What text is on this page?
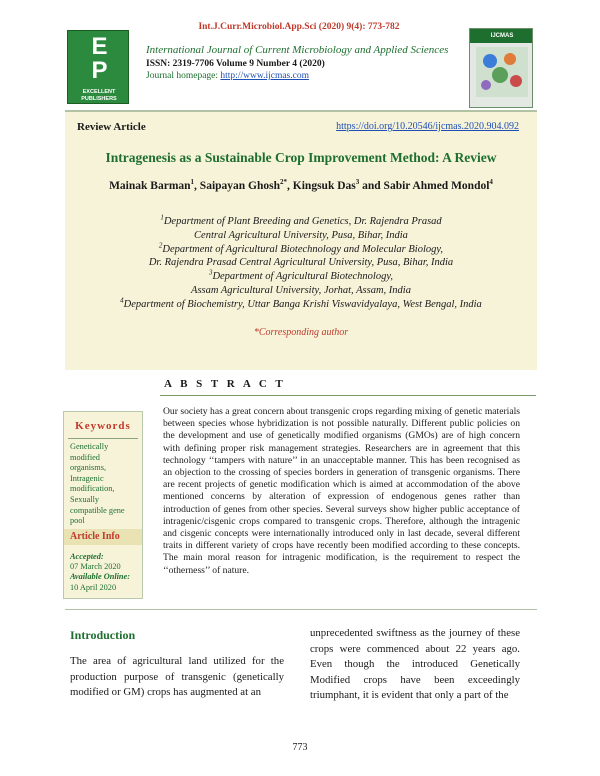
Int.J.Curr.Microbiol.App.Sci (2020) 9(4): 773-782
E
P
EXCELLENT
PUBLISHERS
International Journal of Current Microbiology and Applied Sciences
ISSN: 2319-7706 Volume 9 Number 4 (2020)
Journal homepage: http://www.ijcmas.com
IJCMAS
Review Article	https://doi.org/10.20546/ijcmas.2020.904.092
Intragenesis as a Sustainable Crop Improvement Method: A Review
Mainak Barman$^1$, Saipayan Ghosh$^{2*}$, Kingsuk Das$^3$ and Sabir Ahmed Mondol$^4$
$^1$Department of Plant Breeding and Genetics, Dr. Rajendra Prasad
Central Agricultural University, Pusa, Bihar, India
$^2$Department of Agricultural Biotechnology and Molecular Biology,
Dr. Rajendra Prasad Central Agricultural University, Pusa, Bihar, India
$^3$Department of Agricultural Biotechnology,
Assam Agricultural University, Jorhat, Assam, India
$^4$Department of Biochemistry, Uttar Banga Krishi Viswavidyalaya, West Bengal, India
*Corresponding author
A B S T R A C T
Our society has a great concern about transgenic crops regarding mixing of genetic materials between species whose hybridization is not possible naturally. Different public policies on the development and use of genetically modified organisms (GMOs) are of high concern with defining proper risk management strategies. Researchers are in agreement that this technology ‘‘tampers with nature’’ in an unacceptable manner. This has been recognised as an objection to the crossing of species borders in generation of transgenic organisms. There are recent projects of genetic modification which is aimed at accommodation of the above mentioned concerns by alteration of expression of endogenous genes rather than introduction of genes from other species. Several surveys show higher public acceptance of intragenic/cisgenic crops compared to transgenic crops. Therefore, although the intragenic and cisgenic concepts were internationally introduced only in last decade, several different traits in different variety of crops have recently been modified according to these concepts. The main moral reason for intragenic modification, is the requirement to respect the ‘‘otherness’’ of nature.
Keywords
Genetically
modified
organisms,
Intragenic
modification,
Sexually
compatible gene
pool
Article Info
Accepted:
07 March 2020
Available Online:
10 April 2020
Introduction
The area of agricultural land utilized for the production purpose of transgenic (genetically modified or GM) crops has augmented at an
unprecedented swiftness as the journey of these crops were commenced about 22 years ago. Even though the introduced Genetically Modified crops have been exceedingly triumphant, it is evident that only a part of the
773
